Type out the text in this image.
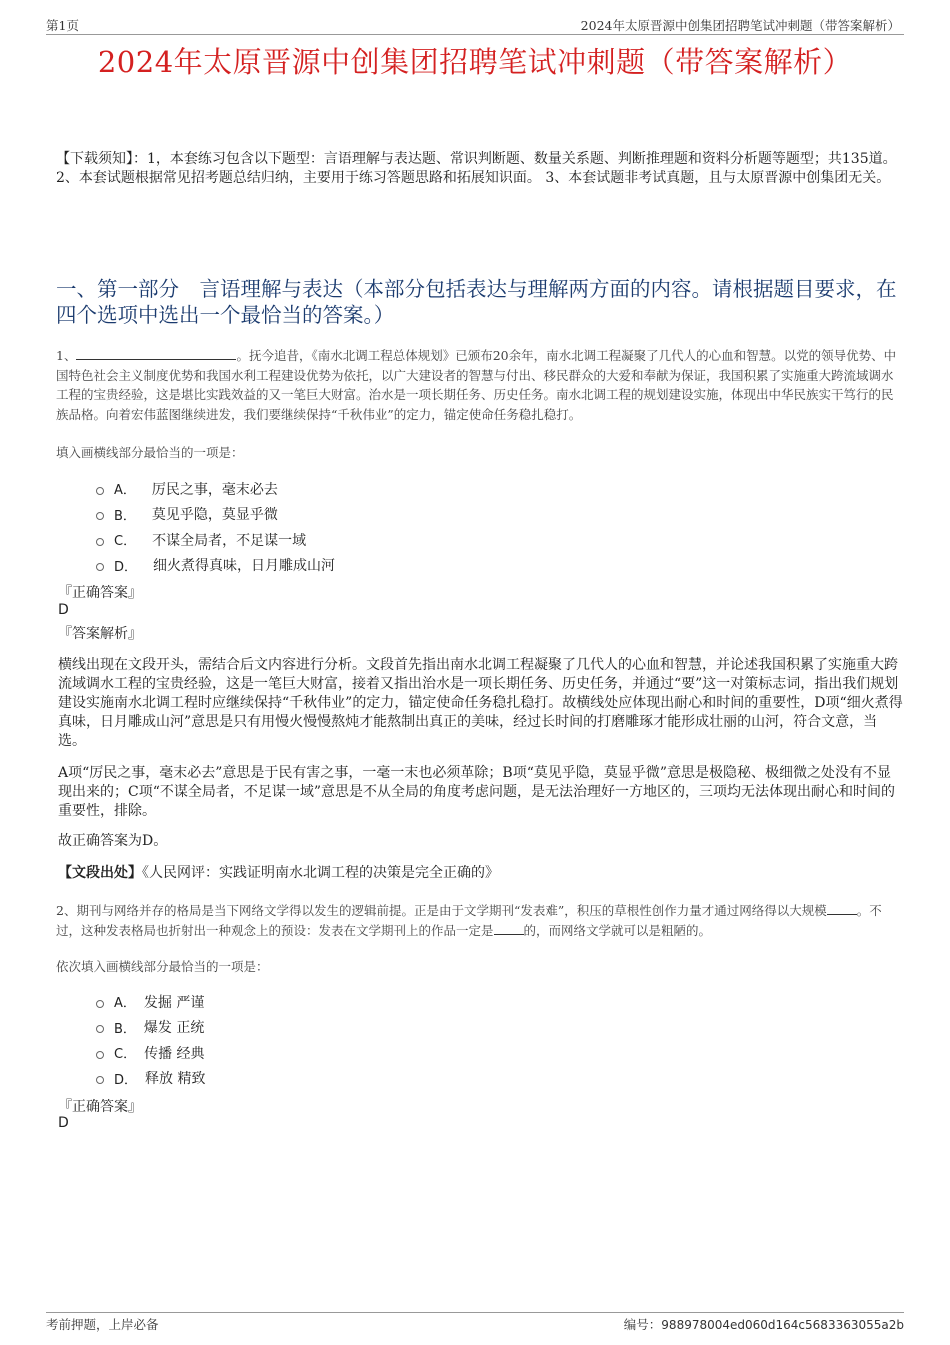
第1页	2024年太原晋源中创集团招聘笔试冲刺题（带答案解析）
2024年太原晋源中创集团招聘笔试冲刺题（带答案解析）
【下载须知】：1，本套练习包含以下题型：言语理解与表达题、常识判断题、数量关系题、判断推理题和资料分析题等题型；共135道。 2、本套试题根据常见招考题总结归纳，主要用于练习答题思路和拓展知识面。 3、本套试题非考试真题，且与太原晋源中创集团无关。
一、第一部分　言语理解与表达（本部分包括表达与理解两方面的内容。请根据题目要求，在四个选项中选出一个最恰当的答案。）
1、	。抚今追昔，《南水北调工程总体规划》已颁布20余年，南水北调工程凝聚了几代人的心血和智慧。以党的领导优势、中国特色社会主义制度优势和我国水利工程建设优势为依托，以广大建设者的智慧与付出、移民群众的大爱和奉献为保证，我国积累了实施重大跨流域调水工程的宝贵经验，这是堪比实践效益的又一笔巨大财富。治水是一项长期任务、历史任务。南水北调工程的规划建设实施，体现出中华民族实干笃行的民族品格。向着宏伟蓝图继续进发，我们要继续保持“千秋伟业”的定力，锚定使命任务稳扎稳打。
填入画横线部分最恰当的一项是：
A． 厉民之事，毫末必去
B． 莫见乎隐，莫显乎微
C． 不谋全局者，不足谋一域
D． 细火煮得真味，日月雕成山河
『正确答案』
D
『答案解析』
横线出现在文段开头，需结合后文内容进行分析。文段首先指出南水北调工程凝聚了几代人的心血和智慧，并论述我国积累了实施重大跨流域调水工程的宝贵经验，这是一笔巨大财富，接着又指出治水是一项长期任务、历史任务，并通过“要”这一对策标志词，指出我们规划建设实施南水北调工程时应继续保持“千秋伟业”的定力，锚定使命任务稳扎稳打。故横线处应体现出耐心和时间的重要性，D项“细火煮得真味，日月雕成山河”意思是只有用慢火慢慢熬炖才能熬制出真正的美味，经过长时间的打磨雕琢才能形成壮丽的山河，符合文意，当选。
A项“厉民之事，毫末必去”意思是于民有害之事，一毫一末也必须革除；B项“莫见乎隐，莫显乎微”意思是极隐秘、极细微之处没有不显现出来的；C项“不谋全局者，不足谋一域”意思是不从全局的角度考虑问题，是无法治理好一方地区的，三项均无法体现出耐心和时间的重要性，排除。
故正确答案为D。
【文段出处】《人民网评：实践证明南水北调工程的决策是完全正确的》
2、期刊与网络并存的格局是当下网络文学得以发生的逻辑前提。正是由于文学期刊“发表难”，积压的草根性创作力量才通过网络得以大规模 。不过，这种发表格局也折射出一种观念上的预设：发表在文学期刊上的作品一定是 的，而网络文学就可以是粗陋的。
依次填入画横线部分最恰当的一项是：
A． 发掘 严谨
B． 爆发 正统
C． 传播 经典
D． 释放 精致
『正确答案』
D
考前押题，上岸必备	编号：988978004ed060d164c5683363055a2b
